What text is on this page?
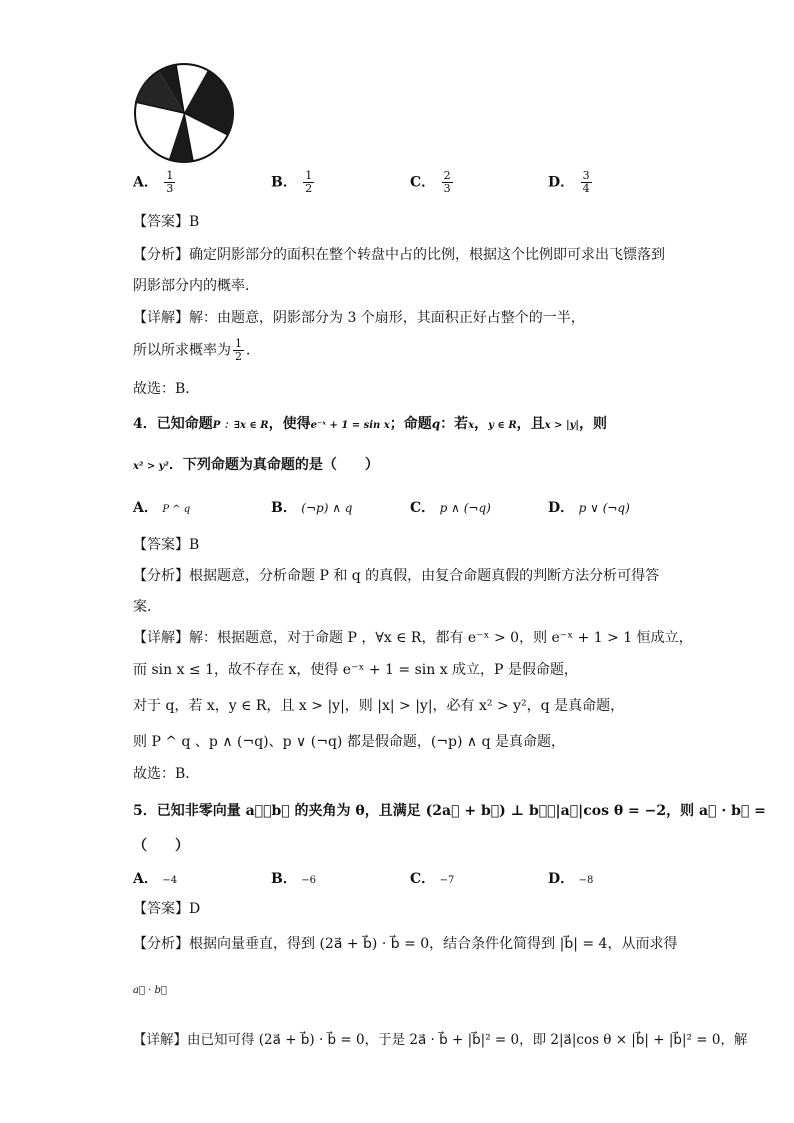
A． $\frac{1}{3}$	B． $\frac{1}{2}$	C． $\frac{2}{3}$	D． $\frac{3}{4}$
【答案】B
【分析】确定阴影部分的面积在整个转盘中占的比例，根据这个比例即可求出飞镖落到
阴影部分内的概率．
【详解】解：由题意，阴影部分为 3 个扇形，其面积正好占整个的一半，
所以所求概率为 $\frac{1}{2}$ ．
故选：B.
4．已知命题P ：∃x ∈ R，使得e⁻ˣ + 1 = sin x；命题q：若x，y ∈ R，且x > |y|，则
x² > y²．下列命题为真命题的是（　　）
A． P ^ q	B． (¬p) ∧ q	C． p ∧ (¬q)	D． p ∨ (¬q)
【答案】B
【分析】根据题意，分析命题 P 和 q 的真假，由复合命题真假的判断方法分析可得答
案．
【详解】解：根据题意，对于命题 P ，∀x ∈ R，都有 e⁻ˣ > 0，则 e⁻ˣ + 1 > 1 恒成立，
而 sin x ≤ 1，故不存在 x，使得 e⁻ˣ + 1 = sin x 成立，P 是假命题，
对于 q，若 x，y ∈ R，且 x > |y|，则 |x| > |y|，必有 x² > y²，q 是真命题，
则 P ^ q 、p ∧ (¬q)、p ∨ (¬q) 都是假命题，(¬p) ∧ q 是真命题，
故选：B．
5．已知非零向量 a⃗，b⃗ 的夹角为 θ，且满足 (2a⃗ + b⃗) ⊥ b⃗，|a⃗|cos θ = −2，则 a⃗ · b⃗ =
（　　）
A． −4	B． −6	C． −7	D． −8
【答案】D
【分析】根据向量垂直，得到 (2a⃗ + b⃗) · b⃗ = 0，结合条件化简得到 |b⃗| = 4，从而求得
a⃗ · b⃗
【详解】由已知可得 (2a⃗ + b⃗) · b⃗ = 0，于是 2a⃗ · b⃗ + |b⃗|² = 0，即 2|a⃗|cos θ × |b⃗| + |b⃗|² = 0，解
